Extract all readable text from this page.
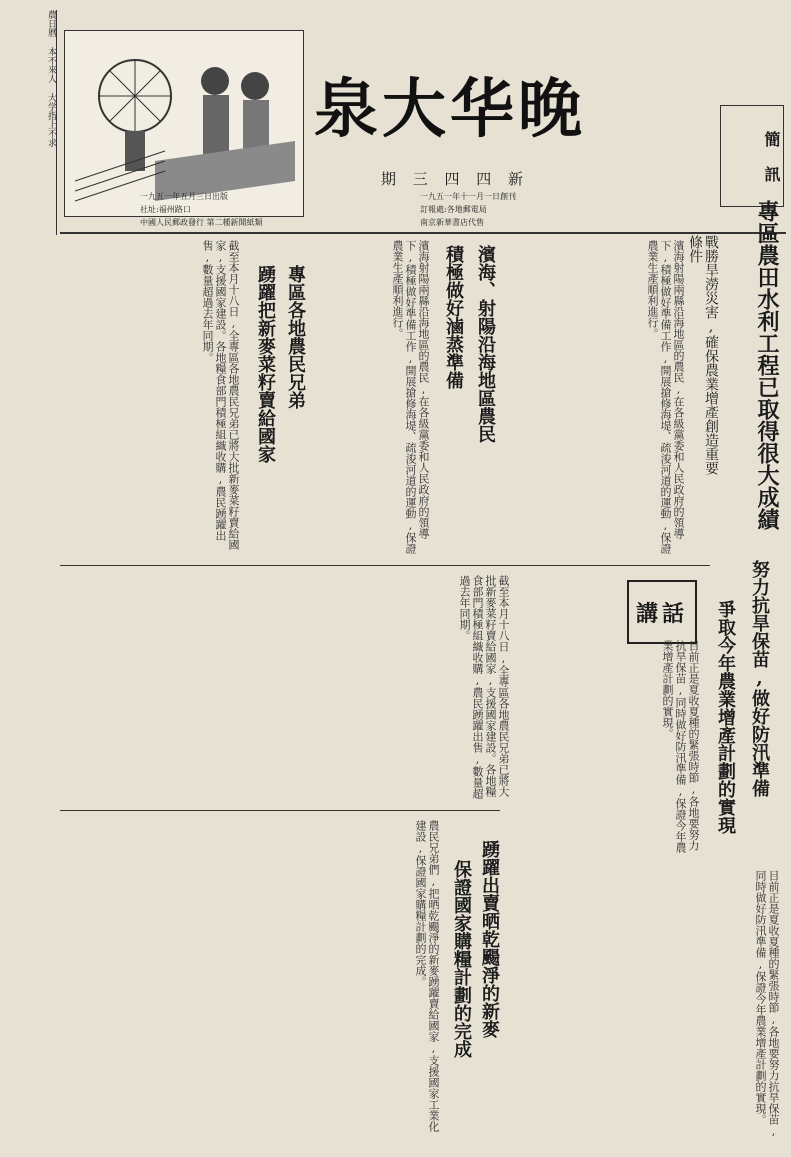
農日曆 本不來人 大学指上不求	泉大华晚
期 三 四 四 新
一九五一年五月三日出版
社址:福州路口
中國人民郵政發行 第二種新聞紙類
一九五一年十一月一日創刊
訂報處:各地郵電局
南京新華書店代售
簡 訊
專區農田水利工程已取得很大成績
戰勝旱澇災害,確保農業增產創造重要條件
濱海射陽兩縣沿海地區的農民,在各級黨委和人民政府的領導下,積極做好準備工作,開展搶修海堤、疏浚河道的運動,保證農業生產順利進行。
濱海、射陽沿海地區農民
積極做好滷蒸準備
濱海射陽兩縣沿海地區的農民,在各級黨委和人民政府的領導下,積極做好準備工作,開展搶修海堤、疏浚河道的運動,保證農業生產順利進行。
專區各地農民兄弟
踴躍把新麥菜籽賣給國家
截至本月十八日,全專區各地農民兄弟已將大批新麥菜籽賣給國家,支援國家建設。各地糧食部門積極組織收購,農民踴躍出售,數量超過去年同期。
講話	努力抗旱保苗,做好防汛準備
爭取今年農業增產計劃的實現
目前正是夏收夏種的緊張時節,各地要努力抗旱保苗,同時做好防汛準備,保證今年農業增產計劃的實現。
截至本月十八日,全專區各地農民兄弟已將大批新麥菜籽賣給國家,支援國家建設。各地糧食部門積極組織收購,農民踴躍出售,數量超過去年同期。
踴躍出賣晒乾颺淨的新麥
保證國家購糧計劃的完成
農民兄弟們,把晒乾颺淨的新麥踴躍賣給國家,支援國家工業化建設,保證國家購糧計劃的完成。	目前正是夏收夏種的緊張時節,各地要努力抗旱保苗,同時做好防汛準備,保證今年農業增產計劃的實現。
